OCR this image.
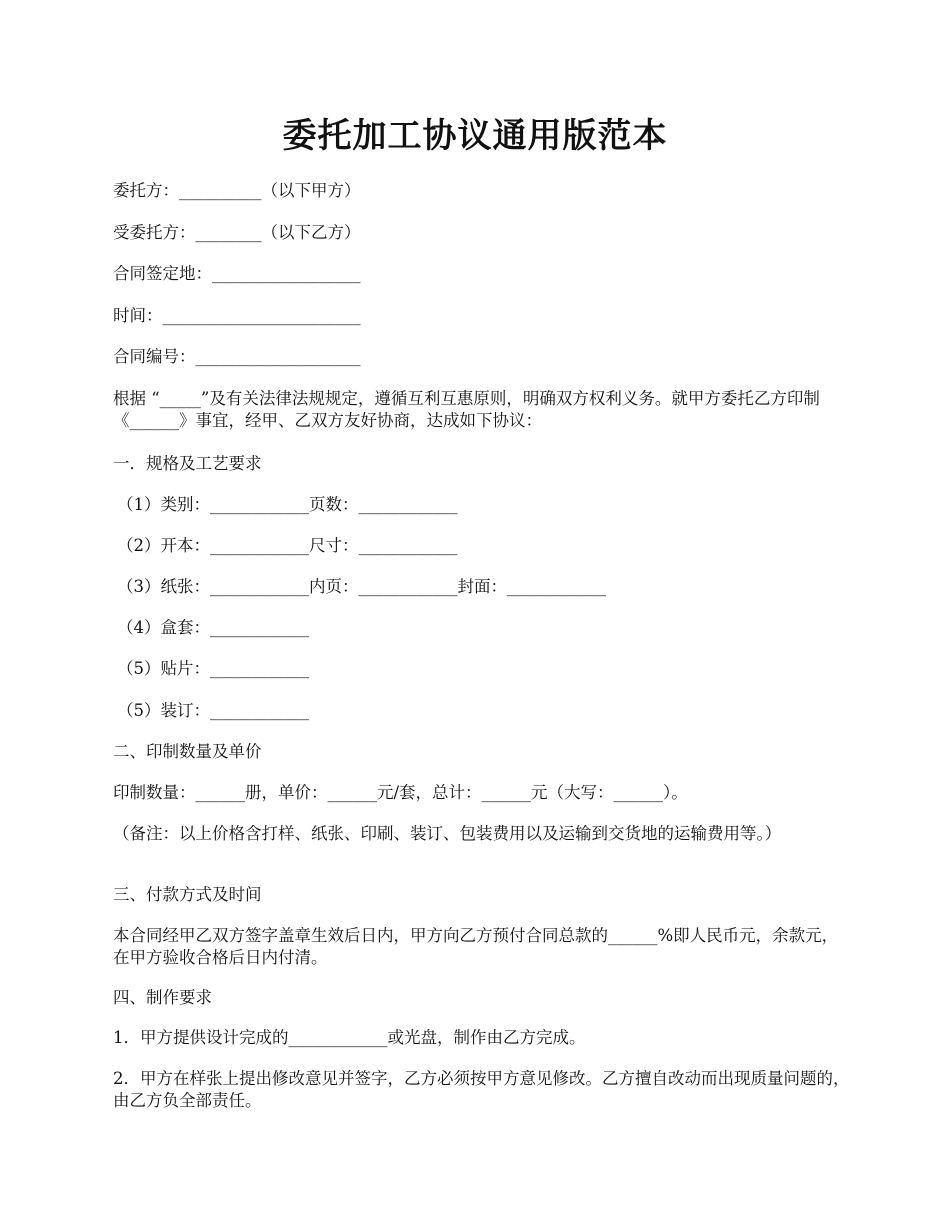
委托加工协议通用版范本
委托方：__________（以下甲方）
受委托方：________（以下乙方）
合同签定地：__________________
时间：________________________
合同编号：____________________
根据 “_____”及有关法律法规规定，遵循互利互惠原则，明确双方权利义务。就甲方委托乙方印制《______》事宜，经甲、乙双方友好协商，达成如下协议：
一．规格及工艺要求
（1）类别：____________页数：____________
（2）开本：____________尺寸：____________
（3）纸张：____________内页：____________封面：____________
（4）盒套：____________
（5）贴片：____________
（5）装订：____________
二、印制数量及单价
印制数量：______册，单价：______元/套，总计：______元（大写：______）。
（备注：以上价格含打样、纸张、印刷、装订、包装费用以及运输到交货地的运输费用等。）
三、付款方式及时间
本合同经甲乙双方签字盖章生效后日内，甲方向乙方预付合同总款的______%即人民币元，余款元，在甲方验收合格后日内付清。
四、制作要求
1．甲方提供设计完成的____________或光盘，制作由乙方完成。
2．甲方在样张上提出修改意见并签字，乙方必须按甲方意见修改。乙方擅自改动而出现质量问题的，由乙方负全部责任。
